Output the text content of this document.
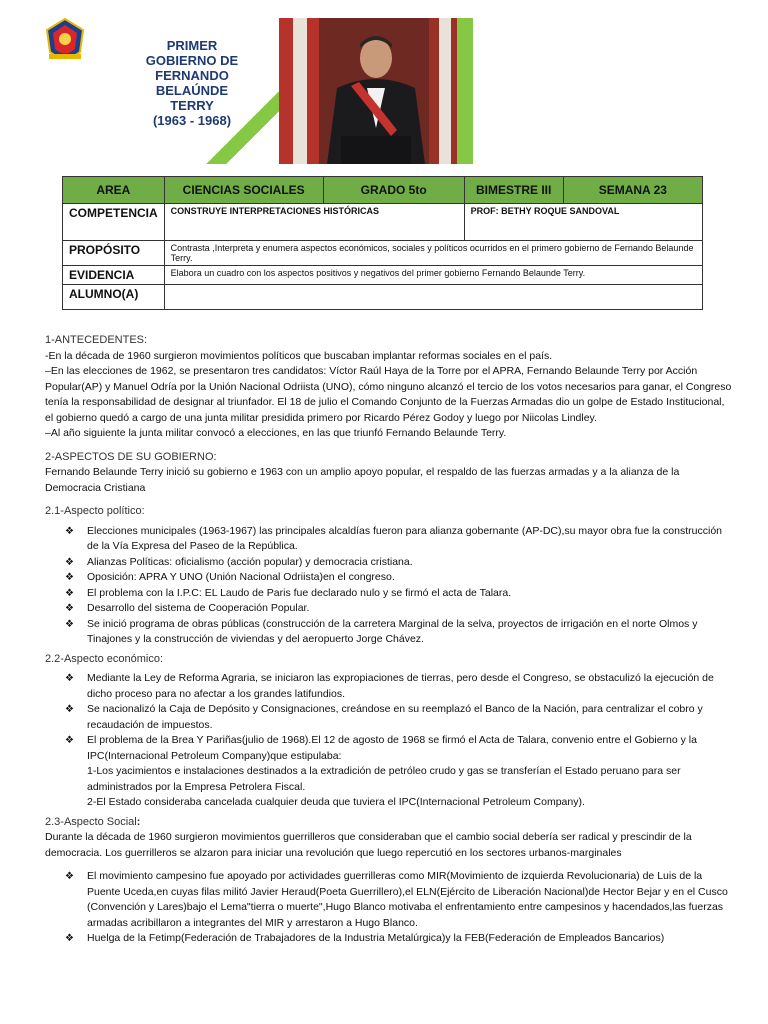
PRIMER
GOBIERNO DE
FERNANDO
BELAÚNDE
TERRY
(1963 - 1968)
AREA	CIENCIAS SOCIALES	GRADO 5to	BIMESTRE III	SEMANA 23
COMPETENCIA	CONSTRUYE INTERPRETACIONES HISTÓRICAS		PROF: BETHY ROQUE SANDOVAL	
PROPÓSITO	Contrasta ,Interpreta y enumera aspectos económicos, sociales y políticos ocurridos en el primero gobierno de Fernando Belaunde Terry.			
EVIDENCIA	Elabora un cuadro con los aspectos positivos y negativos del primer gobierno Fernando Belaunde Terry.			
ALUMNO(A)				

1-ANTECEDENTES:

-En la década de 1960 surgieron movimientos políticos que buscaban implantar reformas sociales en el país.

–En las elecciones de 1962, se presentaron tres candidatos: Víctor Raúl Haya de la Torre por el APRA, Fernando Belaunde Terry por Acción Popular(AP) y Manuel Odría por la Unión Nacional Odriista (UNO), cómo ninguno alcanzó el tercio de los votos necesarios para ganar, el Congreso tenía la responsabilidad de designar al triunfador. El 18 de julio el Comando Conjunto de la Fuerzas Armadas dio un golpe de Estado Institucional, el gobierno quedó a cargo de una junta militar presidida primero por Ricardo Pérez Godoy y luego por Niicolas Lindley.

–Al año siguiente la junta militar convocó a elecciones, en las que triunfó Fernando Belaunde Terry.

2-ASPECTOS DE SU GOBIERNO:

Fernando Belaunde Terry inició su gobierno e 1963 con un amplio apoyo popular, el respaldo de las fuerzas armadas y a la alianza de la Democracia Cristiana

2.1-Aspecto político:

❖ Elecciones municipales (1963-1967) las principales alcaldías fueron para alianza gobernante (AP-DC),su mayor obra fue la construcción de la Vía Expresa del Paseo de la República.
❖ Alianzas Políticas: oficialismo (acción popular) y democracia cristiana.
❖ Oposición: APRA Y UNO (Unión Nacional Odriista)en el congreso.
❖ El problema con la I.P.C: EL Laudo de Paris fue declarado nulo y se firmó el acta de Talara.
❖ Desarrollo del sistema de Cooperación Popular.
❖ Se inició programa de obras públicas (construcción de la carretera Marginal de la selva, proyectos de irrigación en el norte Olmos y Tinajones y la construcción de viviendas y del aeropuerto Jorge Chávez.

2.2-Aspecto económico:

❖ Mediante la Ley de Reforma Agraria, se iniciaron las expropiaciones de tierras, pero desde el Congreso, se obstaculizó la ejecución de dicho proceso para no afectar a los grandes latifundios.
❖ Se nacionalizó la Caja de Depósito y Consignaciones, creándose en su reemplazó el Banco de la Nación, para centralizar el cobro y recaudación de impuestos.
❖ El problema de la Brea Y Pariñas(julio de 1968).El 12 de agosto de 1968 se firmó el Acta de Talara, convenio entre el Gobierno y la IPC(Internacional Petroleum Company)que estipulaba:
1-Los yacimientos e instalaciones destinados a la extradición de petróleo crudo y gas se transferían el Estado peruano para ser administrados por la Empresa Petrolera Fiscal.
2-El Estado consideraba cancelada cualquier deuda que tuviera el IPC(Internacional Petroleum Company).

2.3-Aspecto Social:

Durante la década de 1960 surgieron movimientos guerrilleros que consideraban que el cambio social debería ser radical y prescindir de la democracia. Los guerrilleros se alzaron para iniciar una revolución que luego repercutió en los sectores urbanos-marginales

❖ El movimiento campesino fue apoyado por actividades guerrilleras como MIR(Movimiento de izquierda Revolucionaria) de Luis de la Puente Uceda,en cuyas filas militó Javier Heraud(Poeta Guerrillero),el ELN(Ejército de Liberación Nacional)de Hector Bejar y en el Cusco (Convención y Lares)bajo el Lema"tierra o muerte",Hugo Blanco motivaba el enfrentamiento entre campesinos y hacendados,las fuerzas armadas acribillaron a integrantes del MIR y arrestaron a Hugo Blanco.
❖ Huelga de la Fetimp(Federación de Trabajadores de la Industria Metalúrgica)y la FEB(Federación de Empleados Bancarios)
